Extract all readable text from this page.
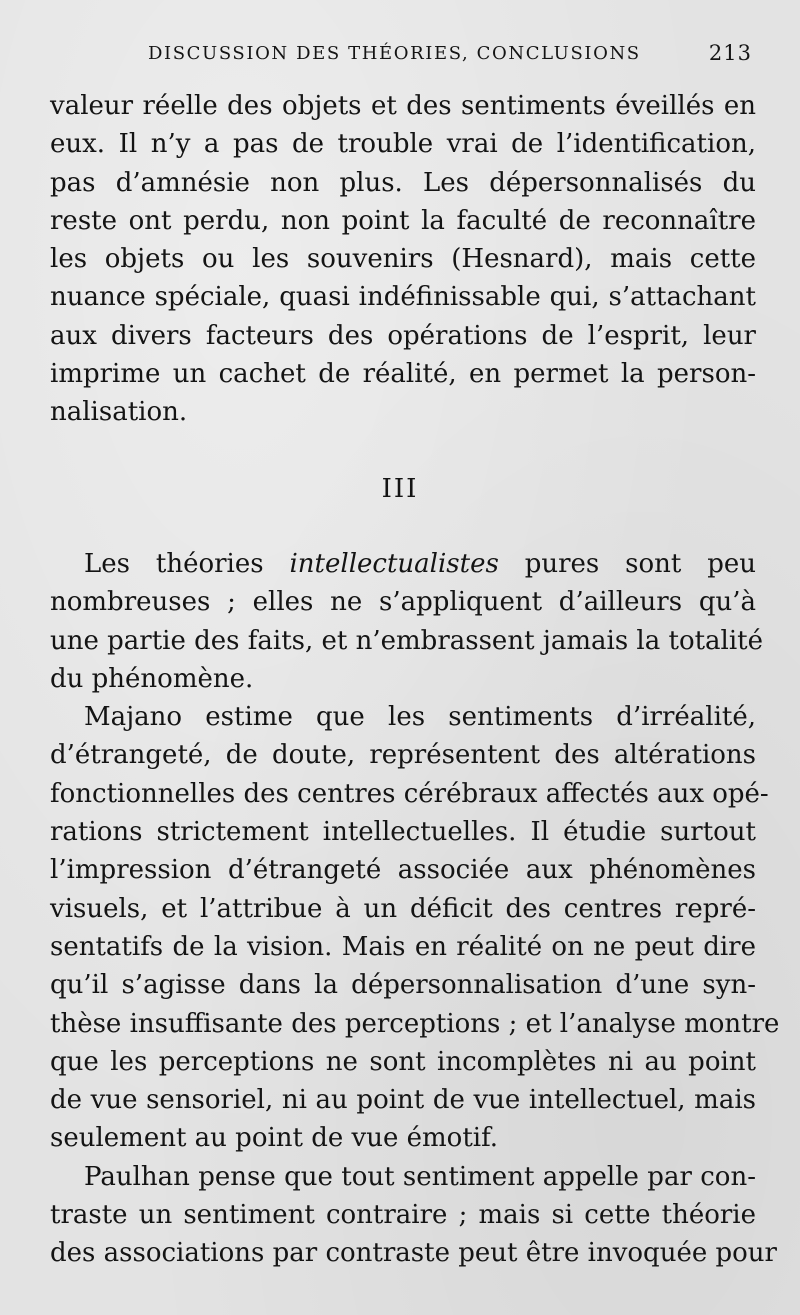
DISCUSSION DES THÉORIES, CONCLUSIONS	213
valeur réelle des objets et des sentiments éveillés en
eux. Il n’y a pas de trouble vrai de l’identification,
pas d’amnésie non plus. Les dépersonnalisés du
reste ont perdu, non point la faculté de reconnaître
les objets ou les souvenirs (Hesnard), mais cette
nuance spéciale, quasi indéfinissable qui, s’attachant
aux divers facteurs des opérations de l’esprit, leur
imprime un cachet de réalité, en permet la person-
nalisation.
III
Les théories intellectualistes pures sont peu
nombreuses ; elles ne s’appliquent d’ailleurs qu’à
une partie des faits, et n’embrassent jamais la totalité
du phénomène.
Majano estime que les sentiments d’irréalité,
d’étrangeté, de doute, représentent des altérations
fonctionnelles des centres cérébraux affectés aux opé-
rations strictement intellectuelles. Il étudie surtout
l’impression d’étrangeté associée aux phénomènes
visuels, et l’attribue à un déficit des centres repré-
sentatifs de la vision. Mais en réalité on ne peut dire
qu’il s’agisse dans la dépersonnalisation d’une syn-
thèse insuffisante des perceptions ; et l’analyse montre
que les perceptions ne sont incomplètes ni au point
de vue sensoriel, ni au point de vue intellectuel, mais
seulement au point de vue émotif.
Paulhan pense que tout sentiment appelle par con-
traste un sentiment contraire ; mais si cette théorie
des associations par contraste peut être invoquée pour
